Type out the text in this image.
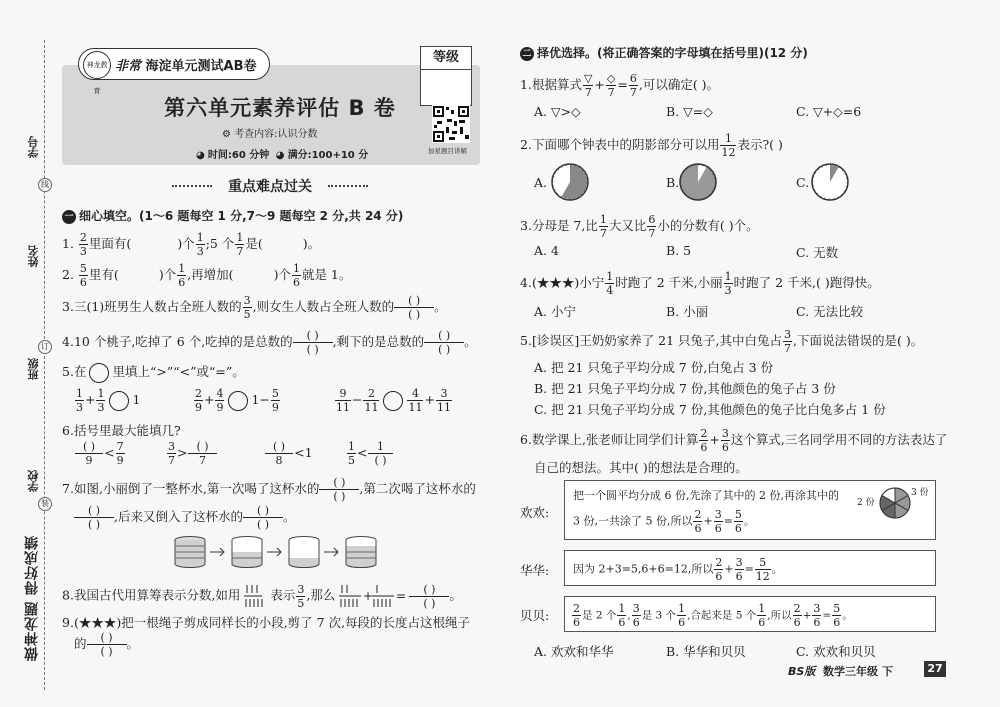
学号
线
姓名
订
班级
学校
装
做神龙题 得好成绩
神龙教育
非常 海淀单元测试AB卷
等级
第六单元素养评估 B 卷
⚙ 考查内容:认识分数
◕ 时间:60 分钟  ◕ 满分:100+10 分	加星题目讲解
重点难点过关
一 细心填空。(1～6 题每空 1 分,7～9 题每空 2 分,共 24 分)
1. $\frac{2}{3}$ 里面有(	)个 $\frac{1}{3}$ ;5 个 $\frac{1}{7}$ 是(	)。
2. $\frac{5}{6}$ 里有(	)个 $\frac{1}{6}$ ,再增加(	)个 $\frac{1}{6}$ 就是 1。
3.三(1)班男生人数占全班人数的 $\frac{3}{5}$ ,则女生人数占全班人数的 $\frac{( )}{( )}$ 。
4.10 个桃子,吃掉了 6 个,吃掉的是总数的 $\frac{( )}{( )}$ ,剩下的是总数的 $\frac{( )}{( )}$ 。
5.在 里填上“>”“<”或“=”。
$\frac{1}{3} + \frac{1}{3} 1$	$\frac{2}{9} + \frac{4}{9} 1- \frac{5}{9}$	$\frac{9}{11} - \frac{2}{11}$	$\frac{4}{11} + \frac{3}{11}$
6.括号里最大能填几?
$\frac{( )}{9} < \frac{7}{9}$	$\frac{3}{7} > \frac{( )}{7}$	$\frac{( )}{8} <1$	$\frac{1}{5} < \frac{1}{( )}$
7.如图,小丽倒了一整杯水,第一次喝了这杯水的 $\frac{( )}{( )}$ ,第二次喝了这杯水的
$\frac{( )}{( )}$ ,后来又倒入了这杯水的 $\frac{( )}{( )}$ 。
8.我国古代用算筹表示分数,如用 表示 $\frac{3}{5}$ ,那么 + =
$\frac{( )}{( )}$ 。
9.(★★★)把一根绳子剪成同样长的小段,剪了 7 次,每段的长度占这根绳子
的 $\frac{( )}{( )}$ 。
二 择优选择。(将正确答案的字母填在括号里)(12 分)
1.根据算式 $\frac{▽}{7} + \frac{◇}{7} = \frac{6}{7}$ ,可以确定( )。
A. ▽>◇	B. ▽=◇	C. ▽+◇=6
2.下面哪个钟表中的阴影部分可以用 $\frac{1}{12}$ 表示?( )
A.	B.	C.
3.分母是 7,比 $\frac{1}{7}$ 大又比 $\frac{6}{7}$ 小的分数有( )个。
A. 4	B. 5	C. 无数
4.(★★★)小宁 $\frac{1}{4}$ 时跑了 2 千米,小丽 $\frac{1}{3}$ 时跑了 2 千米,( )跑得快。
A. 小宁	B. 小丽	C. 无法比较
5.[诊误区]王奶奶家养了 21 只兔子,其中白兔占 $\frac{3}{7}$ ,下面说法错误的是( )。
A. 把 21 只兔子平均分成 7 份,白兔占 3 份
B. 把 21 只兔子平均分成 7 份,其他颜色的兔子占 3 份
C. 把 21 只兔子平均分成 7 份,其他颜色的兔子比白兔多占 1 份
6.数学课上,张老师让同学们计算 $\frac{2}{6} + \frac{3}{6}$ 这个算式,三名同学用不同的方法表达了
自己的想法。其中( )的想法是合理的。
欢欢:
把一个圆平均分成 6 份,先涂了其中的 2 份,再涂其中的
3 份,一共涂了 5 份,所以 $\frac{2}{6} + \frac{3}{6} = \frac{5}{6}$ 。
2 份
3 份
华华: 因为 2+3=5,6+6=12,所以 $\frac{2}{6} + \frac{3}{6} = \frac{5}{12}$ 。
贝贝: $\frac{2}{6}$ 是 2 个 $\frac{1}{6}$ , $\frac{3}{6}$ 是 3 个 $\frac{1}{6}$ ,合起来是 5 个 $\frac{1}{6}$ ,所以 $\frac{2}{6} + \frac{3}{6} = \frac{5}{6}$ 。
A. 欢欢和华华	B. 华华和贝贝	C. 欢欢和贝贝
BS版 数学三年级 下	27
